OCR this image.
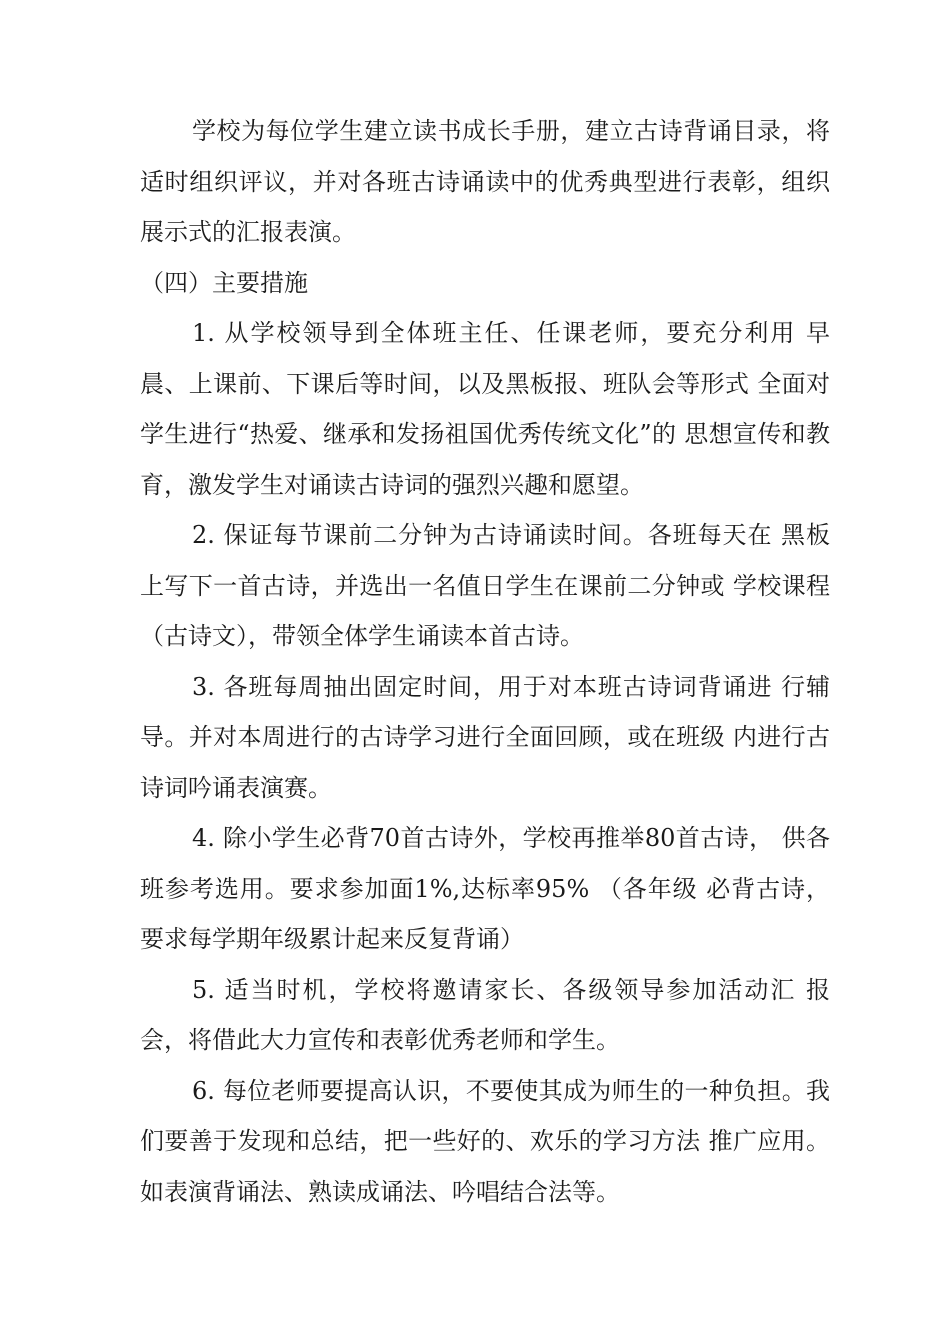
学校为每位学生建立读书成长手册，建立古诗背诵目录，将适时组织评议，并对各班古诗诵读中的优秀典型进行表彰，组织展示式的汇报表演。

（四）主要措施

1. 从学校领导到全体班主任、任课老师，要充分利用 早晨、上课前、下课后等时间，以及黑板报、班队会等形式 全面对学生进行“热爱、继承和发扬祖国优秀传统文化”的 思想宣传和教育，激发学生对诵读古诗词的强烈兴趣和愿望。

2. 保证每节课前二分钟为古诗诵读时间。各班每天在 黑板上写下一首古诗，并选出一名值日学生在课前二分钟或 学校课程（古诗文），带领全体学生诵读本首古诗。

3. 各班每周抽出固定时间，用于对本班古诗词背诵进 行辅导。并对本周进行的古诗学习进行全面回顾，或在班级 内进行古诗词吟诵表演赛。

4. 除小学生必背70首古诗外，学校再推举80首古诗， 供各班参考选用。要求参加面1%,达标率95% （各年级 必背古诗，要求每学期年级累计起来反复背诵）

5. 适当时机，学校将邀请家长、各级领导参加活动汇 报会，将借此大力宣传和表彰优秀老师和学生。

6. 每位老师要提高认识，不要使其成为师生的一种负担。我们要善于发现和总结，把一些好的、欢乐的学习方法 推广应用。如表演背诵法、熟读成诵法、吟唱结合法等。
